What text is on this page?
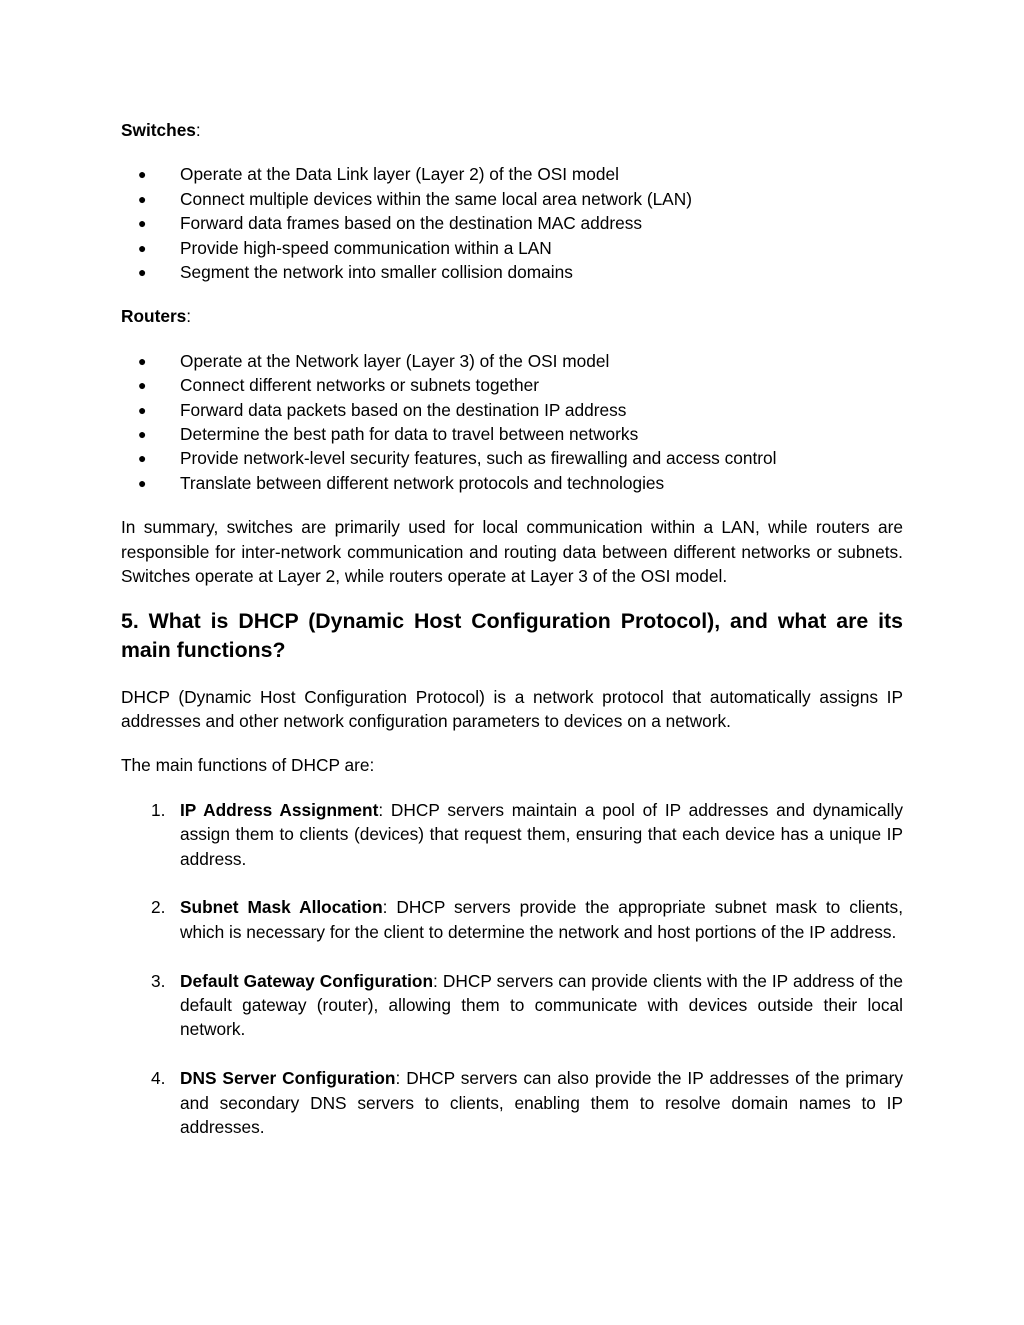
Switches:

● Operate at the Data Link layer (Layer 2) of the OSI model
● Connect multiple devices within the same local area network (LAN)
● Forward data frames based on the destination MAC address
● Provide high-speed communication within a LAN
● Segment the network into smaller collision domains

Routers:

● Operate at the Network layer (Layer 3) of the OSI model
● Connect different networks or subnets together
● Forward data packets based on the destination IP address
● Determine the best path for data to travel between networks
● Provide network-level security features, such as firewalling and access control
● Translate between different network protocols and technologies

In summary, switches are primarily used for local communication within a LAN, while routers are responsible for inter-network communication and routing data between different networks or subnets. Switches operate at Layer 2, while routers operate at Layer 3 of the OSI model.

5. What is DHCP (Dynamic Host Configuration Protocol), and what are its main functions?

DHCP (Dynamic Host Configuration Protocol) is a network protocol that automatically assigns IP addresses and other network configuration parameters to devices on a network.

The main functions of DHCP are:

1. IP Address Assignment: DHCP servers maintain a pool of IP addresses and dynamically assign them to clients (devices) that request them, ensuring that each device has a unique IP address.
2. Subnet Mask Allocation: DHCP servers provide the appropriate subnet mask to clients, which is necessary for the client to determine the network and host portions of the IP address.
3. Default Gateway Configuration: DHCP servers can provide clients with the IP address of the default gateway (router), allowing them to communicate with devices outside their local network.
4. DNS Server Configuration: DHCP servers can also provide the IP addresses of the primary and secondary DNS servers to clients, enabling them to resolve domain names to IP addresses.
